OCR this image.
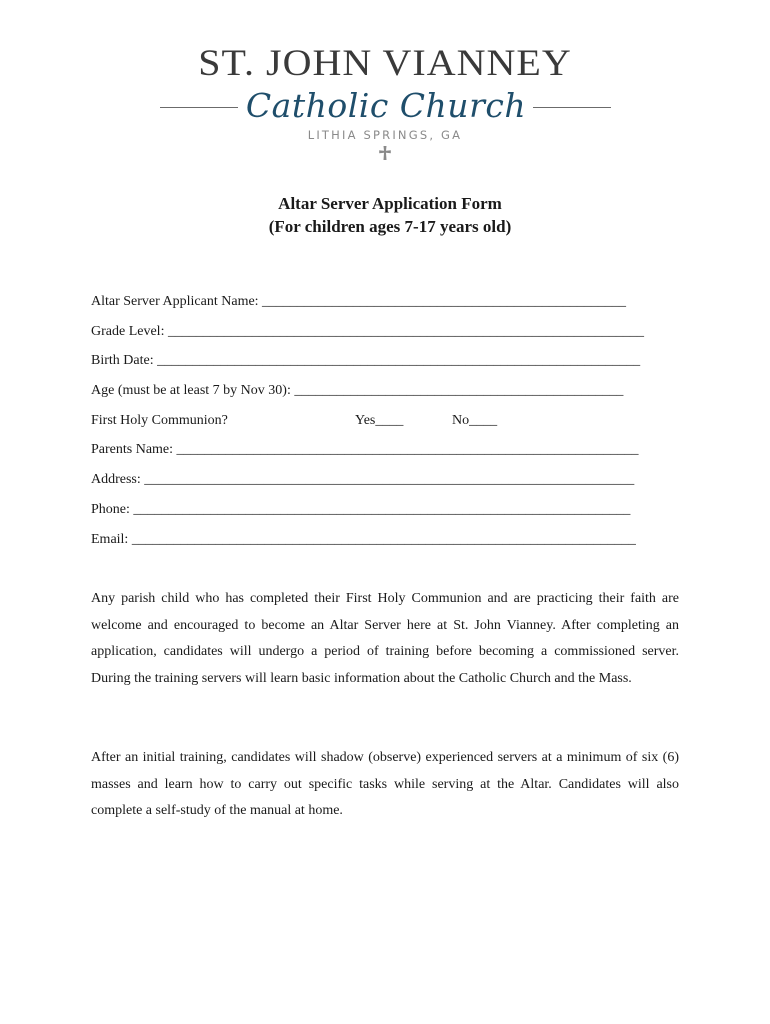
ST. JOHN VIANNEY
Catholic Church
LITHIA SPRINGS, GA
Altar Server Application Form
(For children ages 7-17 years old)
Altar Server Applicant Name: ____________________________________________________
Grade Level: ____________________________________________________________________
Birth Date: _____________________________________________________________________
Age (must be at least 7 by Nov 30): _______________________________________________
First Holy Communion?	Yes____	No____
Parents Name: __________________________________________________________________
Address: ______________________________________________________________________
Phone: _______________________________________________________________________
Email: ________________________________________________________________________

Any parish child who has completed their First Holy Communion and are practicing their faith are welcome and encouraged to become an Altar Server here at St. John Vianney. After completing an application, candidates will undergo a period of training before becoming a commissioned server. During the training servers will learn basic information about the Catholic Church and the Mass.

After an initial training, candidates will shadow (observe) experienced servers at a minimum of six (6) masses and learn how to carry out specific tasks while serving at the Altar. Candidates will also complete a self-study of the manual at home.
